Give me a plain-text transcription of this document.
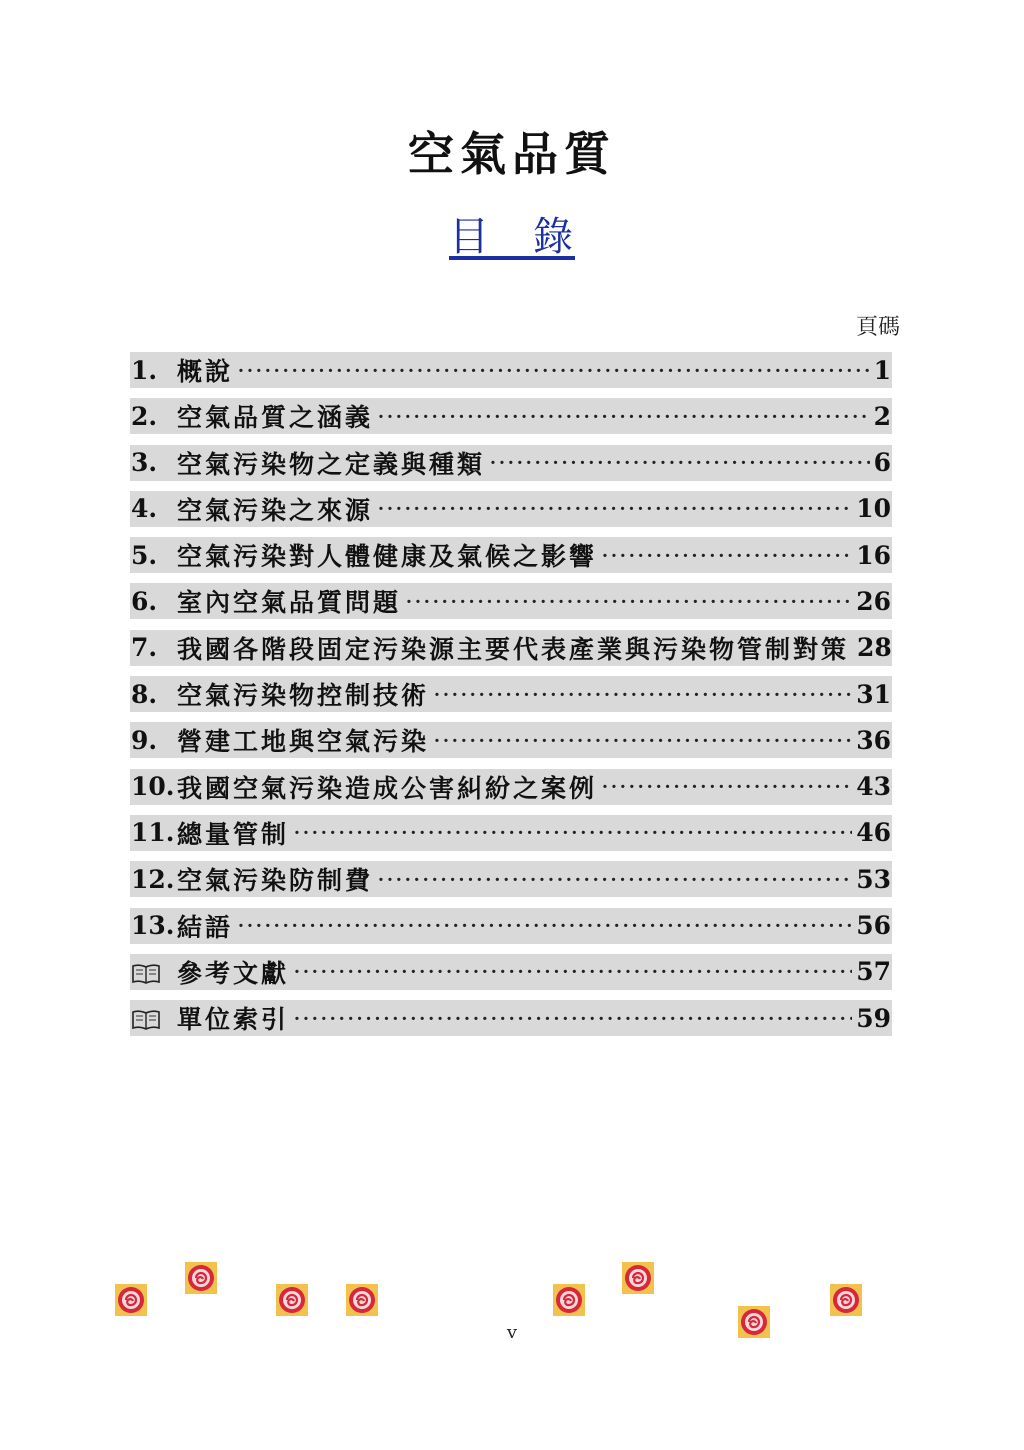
空氣品質
目　錄
頁碼
1. 概說 ·····	1
2. 空氣品質之涵義 ·····	2
3. 空氣污染物之定義與種類 ·····	6
4. 空氣污染之來源 ·····	10
5. 空氣污染對人體健康及氣候之影響 ·····	16
6. 室內空氣品質問題 ·····	26
7. 我國各階段固定污染源主要代表產業與污染物管制對策 28
8. 空氣污染物控制技術 ·····	31
9. 營建工地與空氣污染 ·····	36
10. 我國空氣污染造成公害糾紛之案例 ·····	43
11. 總量管制 ·····	46
12. 空氣污染防制費 ·····	53
13. 結語 ·····	56
參考文獻 ·····	57
單位索引 ·····	59
v
